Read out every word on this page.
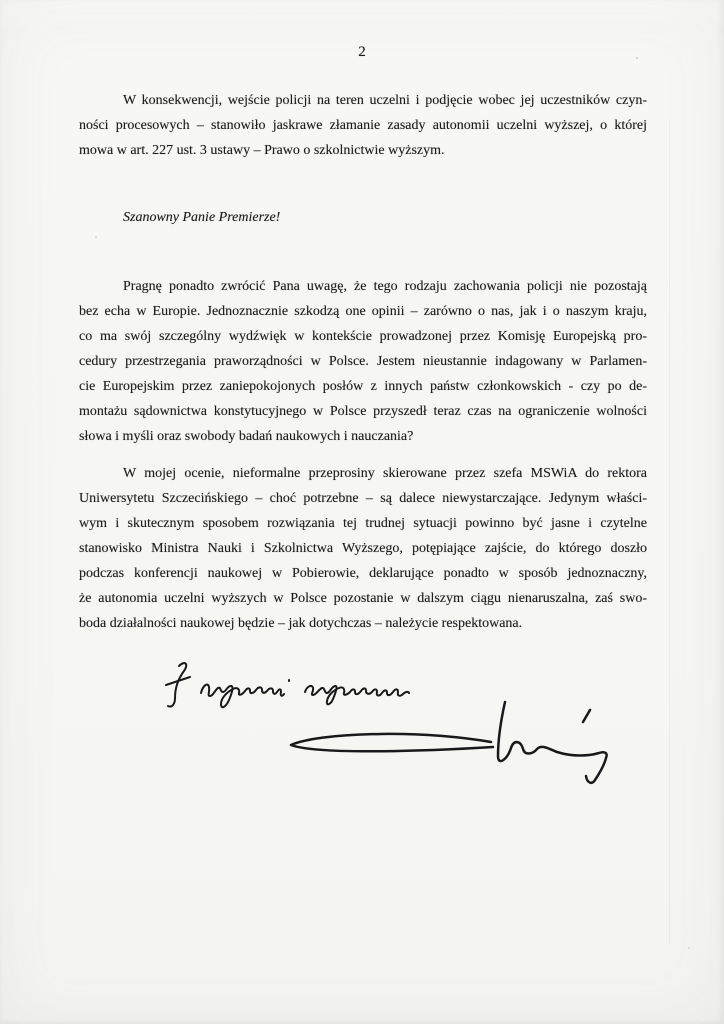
2

W konsekwencji, wejście policji na teren uczelni i podjęcie wobec jej uczestników czyn-
ności procesowych – stanowiło jaskrawe złamanie zasady autonomii uczelni wyższej, o której
mowa w art. 227 ust. 3 ustawy – Prawo o szkolnictwie wyższym.

Szanowny Panie Premierze!

Pragnę ponadto zwrócić Pana uwagę, że tego rodzaju zachowania policji nie pozostają
bez echa w Europie. Jednoznacznie szkodzą one opinii – zarówno o nas, jak i o naszym kraju,
co ma swój szczególny wydźwięk w kontekście prowadzonej przez Komisję Europejską pro-
cedury przestrzegania praworządności w Polsce. Jestem nieustannie indagowany w Parlamen-
cie Europejskim przez zaniepokojonych posłów z innych państw członkowskich - czy po de-
montażu sądownictwa konstytucyjnego w Polsce przyszedł teraz czas na ograniczenie wolności
słowa i myśli oraz swobody badań naukowych i nauczania?

W mojej ocenie, nieformalne przeprosiny skierowane przez szefa MSWiA do rektora
Uniwersytetu Szczecińskiego – choć potrzebne – są dalece niewystarczające. Jedynym właści-
wym i skutecznym sposobem rozwiązania tej trudnej sytuacji powinno być jasne i czytelne
stanowisko Ministra Nauki i Szkolnictwa Wyższego, potępiające zajście, do którego doszło
podczas konferencji naukowej w Pobierowie, deklarujące ponadto w sposób jednoznaczny,
że autonomia uczelni wyższych w Polsce pozostanie w dalszym ciągu nienaruszalna, zaś swo-
boda działalności naukowej będzie – jak dotychczas – należycie respektowana.
